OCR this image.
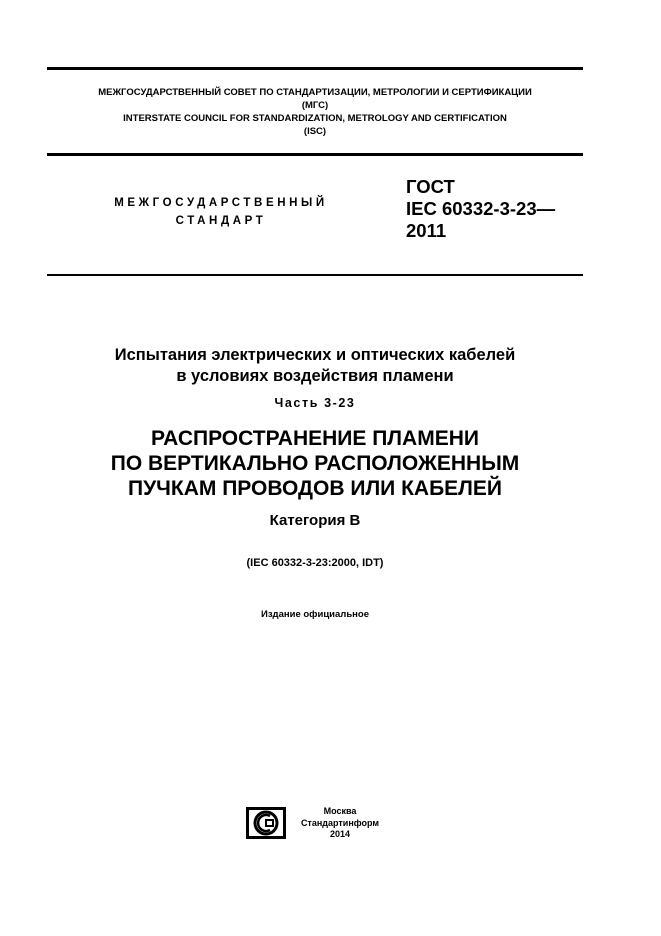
МЕЖГОСУДАРСТВЕННЫЙ СОВЕТ ПО СТАНДАРТИЗАЦИИ, МЕТРОЛОГИИ И СЕРТИФИКАЦИИ
(МГС)
INTERSTATE COUNCIL FOR STANDARDIZATION, METROLOGY AND CERTIFICATION
(ISC)
МЕЖГОСУДАРСТВЕННЫЙ
СТАНДАРТ
ГОСТ
IEC 60332-3-23—
2011
Испытания электрических и оптических кабелей
в условиях воздействия пламени
Часть 3-23
РАСПРОСТРАНЕНИЕ ПЛАМЕНИ
ПО ВЕРТИКАЛЬНО РАСПОЛОЖЕННЫМ
ПУЧКАМ ПРОВОДОВ ИЛИ КАБЕЛЕЙ
Категория В
(IEC 60332-3-23:2000, IDT)
Издание официальное
Москва
Стандартинформ
2014
